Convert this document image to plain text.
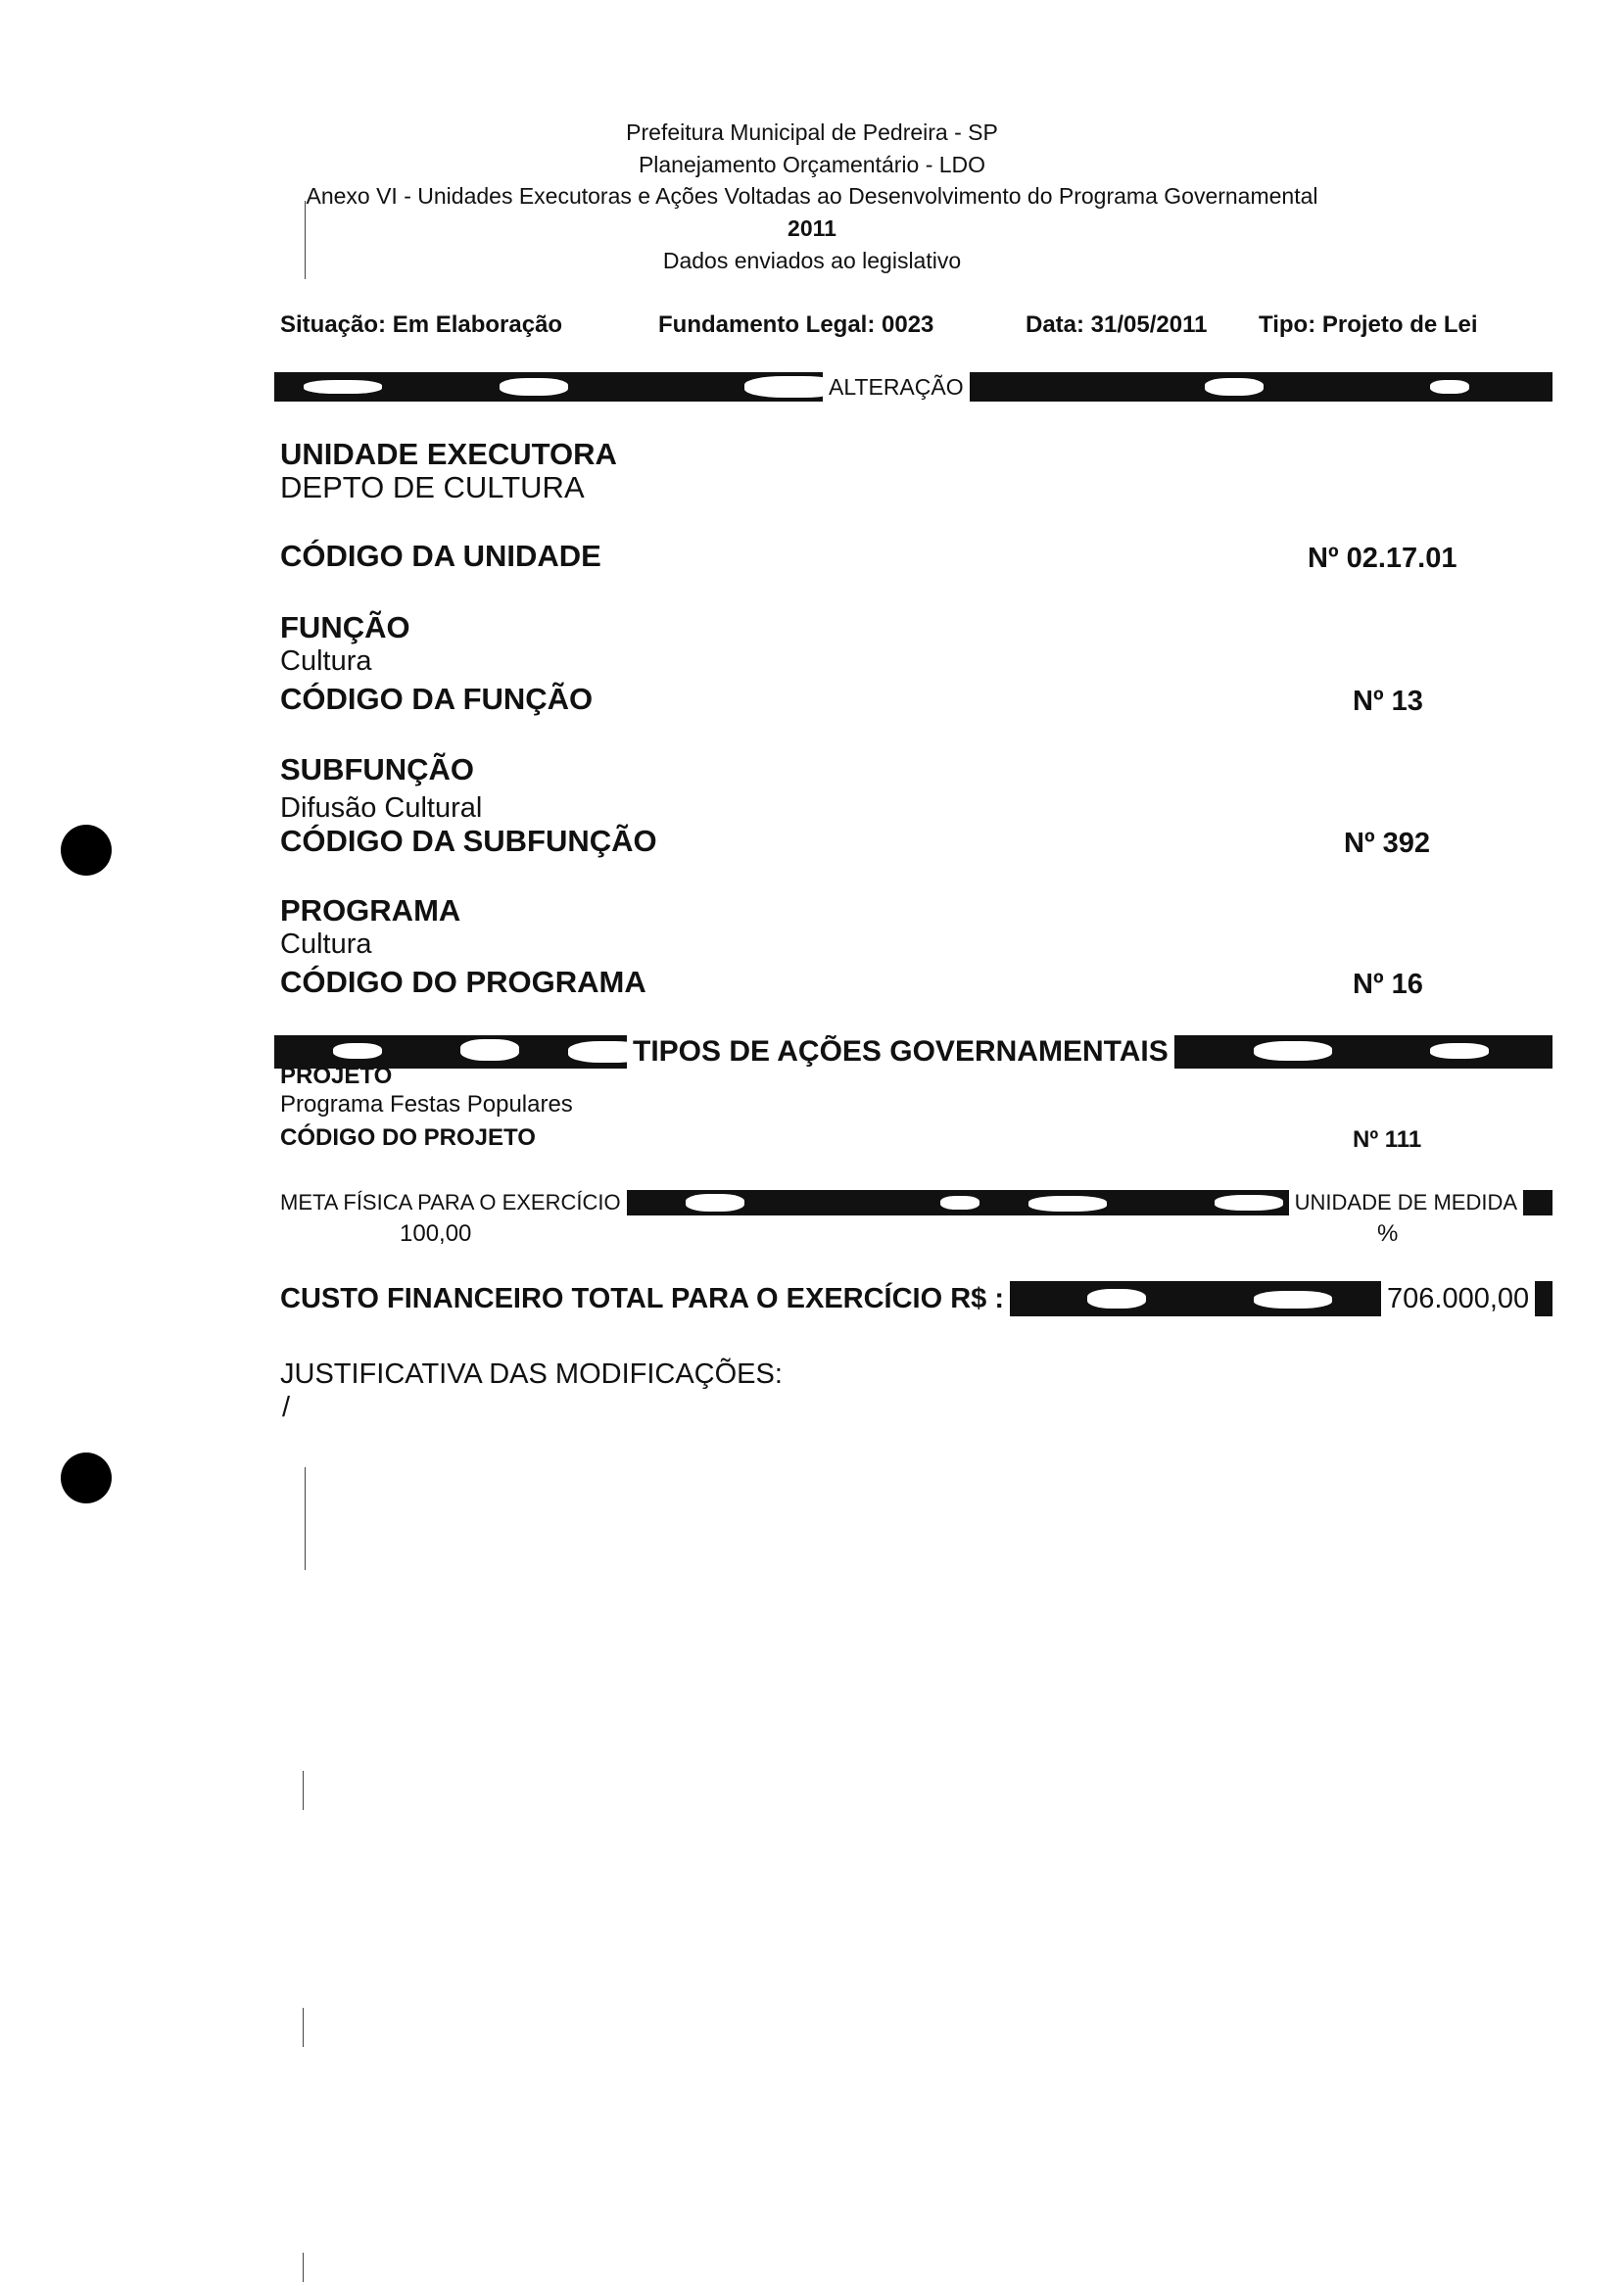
Prefeitura Municipal de Pedreira - SP
Planejamento Orçamentário - LDO
Anexo VI - Unidades Executoras e Ações Voltadas ao Desenvolvimento do Programa Governamental
2011
Dados enviados ao legislativo
Situação: Em Elaboração	Fundamento Legal: 0023	Data: 31/05/2011 Tipo: Projeto de Lei
ALTERAÇÃO
UNIDADE EXECUTORA
DEPTO DE CULTURA
CÓDIGO DA UNIDADE	Nº 02.17.01
FUNÇÃO
Cultura
CÓDIGO DA FUNÇÃO	Nº 13
SUBFUNÇÃO
Difusão Cultural
CÓDIGO DA SUBFUNÇÃO	Nº 392
PROGRAMA
Cultura
CÓDIGO DO PROGRAMA	Nº 16
TIPOS DE AÇÕES GOVERNAMENTAIS
PROJETO
Programa Festas Populares
CÓDIGO DO PROJETO	Nº 111
META FÍSICA PARA O EXERCÍCIO	UNIDADE DE MEDIDA
100,00	%
CUSTO FINANCEIRO TOTAL PARA O EXERCÍCIO R$ :	706.000,00
JUSTIFICATIVA DAS MODIFICAÇÕES:
/
